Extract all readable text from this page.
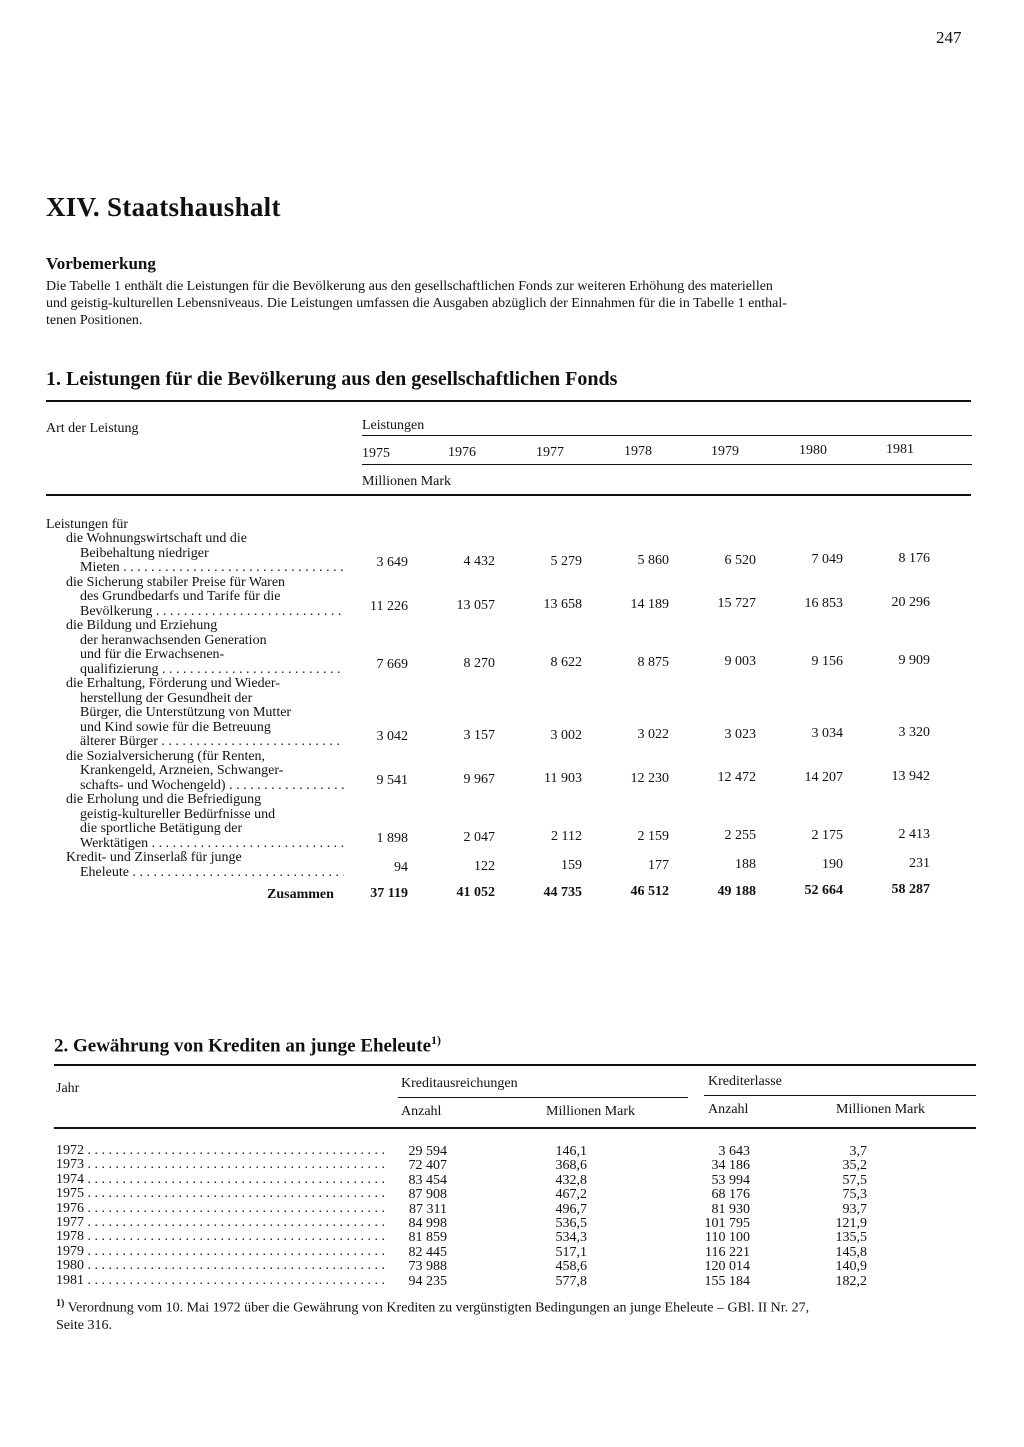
247
XIV. Staatshaushalt
Vorbemerkung
Die Tabelle 1 enthält die Leistungen für die Bevölkerung aus den gesellschaftlichen Fonds zur weiteren Erhöhung des materiellen
und geistig-kulturellen Lebensniveaus. Die Leistungen umfassen die Ausgaben abzüglich der Einnahmen für die in Tabelle 1 enthal-
tenen Positionen.
1. Leistungen für die Bevölkerung aus den gesellschaftlichen Fonds
Art der Leistung	Leistungen
1975	1976	1977	1978	1979	1980	1981
Millionen Mark
Leistungen für
die Wohnungswirtschaft und die
Beibehaltung niedriger
Mieten . . .	3 649	4 432	5 279	5 860	6 520	7 049	8 176
die Sicherung stabiler Preise für Waren
des Grundbedarfs und Tarife für die
Bevölkerung . . .	11 226	13 057	13 658	14 189	15 727	16 853	20 296
die Bildung und Erziehung
der heranwachsenden Generation
und für die Erwachsenen-
qualifizierung . . .	7 669	8 270	8 622	8 875	9 003	9 156	9 909
die Erhaltung, Förderung und Wieder-
herstellung der Gesundheit der
Bürger, die Unterstützung von Mutter
und Kind sowie für die Betreuung
älterer Bürger . . .	3 042	3 157	3 002	3 022	3 023	3 034	3 320
die Sozialversicherung (für Renten,
Krankengeld, Arzneien, Schwanger-
schafts- und Wochengeld) . . .	9 541	9 967	11 903	12 230	12 472	14 207	13 942
die Erholung und die Befriedigung
geistig-kultureller Bedürfnisse und
die sportliche Betätigung der
Werktätigen . . .	1 898	2 047	2 112	2 159	2 255	2 175	2 413
Kredit- und Zinserlaß für junge
Eheleute . . .	94	122	159	177	188	190	231
Zusammen	37 119	41 052	44 735	46 512	49 188	52 664	58 287
2. Gewährung von Krediten an junge Eheleute$^{1)}$
Jahr	Kreditausreichungen	Krediterlasse
Anzahl	Millionen Mark	Anzahl	Millionen Mark
1972 . . .	29 594	146,1	3 643	3,7
1973 . . .	72 407	368,6	34 186	35,2
1974 . . .	83 454	432,8	53 994	57,5
1975 . . .	87 908	467,2	68 176	75,3
1976 . . .	87 311	496,7	81 930	93,7
1977 . . .	84 998	536,5	101 795	121,9
1978 . . .	81 859	534,3	110 100	135,5
1979 . . .	82 445	517,1	116 221	145,8
1980 . . .	73 988	458,6	120 014	140,9
1981 . . .	94 235	577,8	155 184	182,2
$^{1)}$ Verordnung vom 10. Mai 1972 über die Gewährung von Krediten zu vergünstigten Bedingungen an junge Eheleute – GBl. II Nr. 27,
Seite 316.
